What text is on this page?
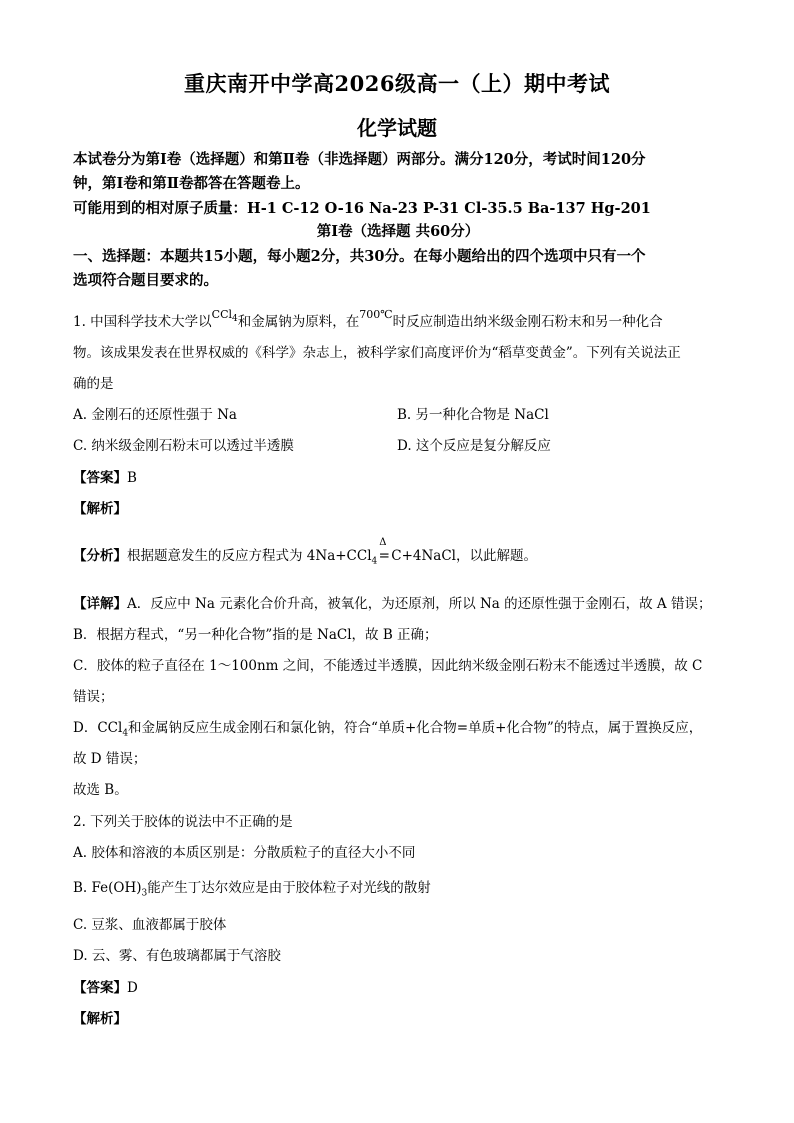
重庆南开中学高2026级高一（上）期中考试
化学试题
本试卷分为第Ⅰ卷（选择题）和第Ⅱ卷（非选择题）两部分。满分120分，考试时间120分
钟，第Ⅰ卷和第Ⅱ卷都答在答题卷上。
可能用到的相对原子质量：H-1 C-12 O-16 Na-23 P-31 Cl-35.5 Ba-137 Hg-201
第Ⅰ卷（选择题 共60分）
一、选择题：本题共15小题，每小题2分，共30分。在每小题给出的四个选项中只有一个
选项符合题目要求的。
1. 中国科学技术大学以$^{CCl_4}$和金属钠为原料，在$^{700℃}$时反应制造出纳米级金刚石粉末和另一种化合
物。该成果发表在世界权威的《科学》杂志上，被科学家们高度评价为“稻草变黄金”。下列有关说法正
确的是
A. 金刚石的还原性强于 Na	B. 另一种化合物是 NaCl
C. 纳米级金刚石粉末可以透过半透膜	D. 这个反应是复分解反应
【答案】B
【解析】
【分析】根据题意发生的反应方程式为 4Na+CCl$_4$
Δ
=C+4NaCl，以此解题。
【详解】A．反应中 Na 元素化合价升高，被氧化，为还原剂，所以 Na 的还原性强于金刚石，故 A 错误；
B．根据方程式，“另一种化合物”指的是 NaCl，故 B 正确；
C．胶体的粒子直径在 1～100nm 之间，不能透过半透膜，因此纳米级金刚石粉末不能透过半透膜，故 C
错误；
D．CCl$_4$和金属钠反应生成金刚石和氯化钠，符合“单质+化合物=单质+化合物”的特点，属于置换反应，
故 D 错误；
故选 B。
2. 下列关于胶体的说法中不正确的是
A. 胶体和溶液的本质区别是：分散质粒子的直径大小不同
B. $Fe(OH)_3$能产生丁达尔效应是由于胶体粒子对光线的散射
C. 豆浆、血液都属于胶体
D. 云、雾、有色玻璃都属于气溶胶
【答案】D
【解析】
